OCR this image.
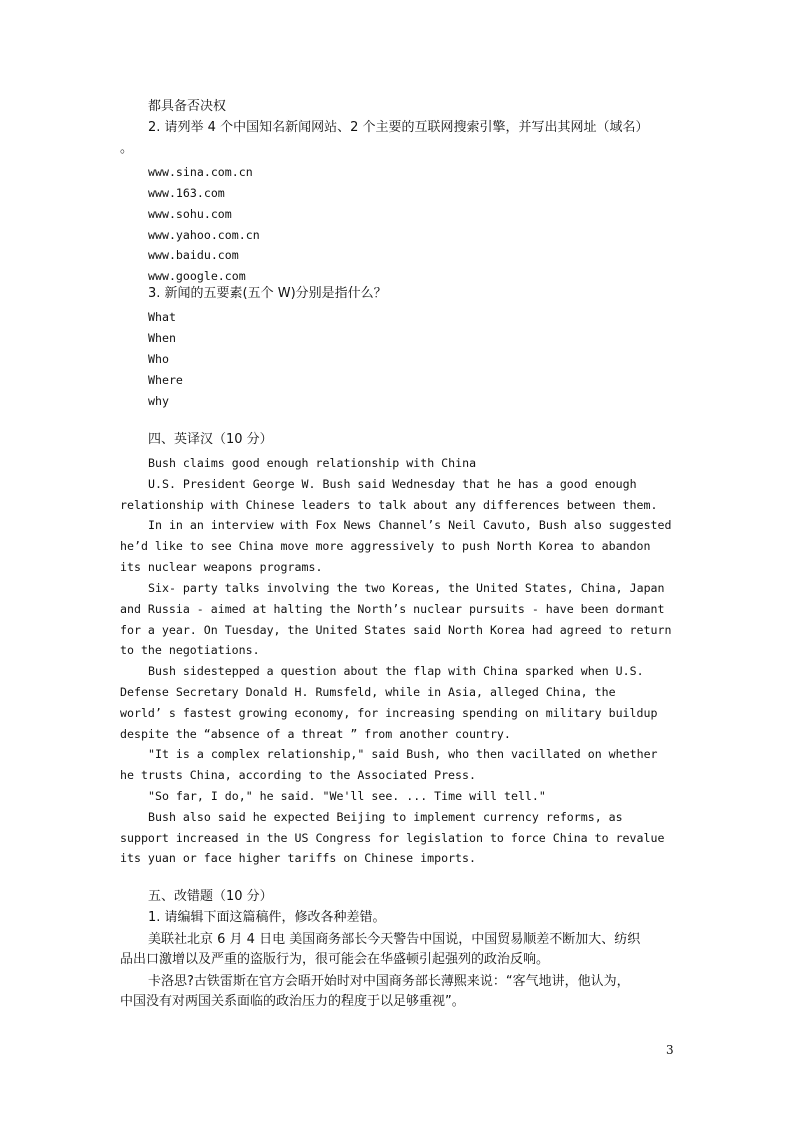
都具备否决权
2. 请列举 4 个中国知名新闻网站、2 个主要的互联网搜索引擎，并写出其网址（域名）
。
www.sina.com.cn
www.163.com
www.sohu.com
www.yahoo.com.cn
www.baidu.com
www.google.com
3. 新闻的五要素(五个 W)分别是指什么？
What
When
Who
Where
why
四、英译汉（10 分）
Bush claims good enough relationship with China
U.S. President George W. Bush said Wednesday that he has a good enough
relationship with Chinese leaders to talk about any differences between them.
In in an interview with Fox News Channel’s Neil Cavuto, Bush also suggested
he’d like to see China move more aggressively to push North Korea to abandon
its nuclear weapons programs.
Six- party talks involving the two Koreas, the United States, China, Japan
and Russia - aimed at halting the North’s nuclear pursuits - have been dormant
for a year. On Tuesday, the United States said North Korea had agreed to return
to the negotiations.
Bush sidestepped a question about the flap with China sparked when U.S.
Defense Secretary Donald H. Rumsfeld, while in Asia, alleged China, the
world’ s fastest growing economy, for increasing spending on military buildup
despite the “absence of a threat ” from another country.
"It is a complex relationship," said Bush, who then vacillated on whether
he trusts China, according to the Associated Press.
"So far, I do," he said. "We'll see. ... Time will tell."
Bush also said he expected Beijing to implement currency reforms, as
support increased in the US Congress for legislation to force China to revalue
its yuan or face higher tariffs on Chinese imports.
五、改错题（10 分）
1. 请编辑下面这篇稿件，修改各种差错。
美联社北京 6 月 4 日电 美国商务部长今天警告中国说，中国贸易顺差不断加大、纺织
品出口激增以及严重的盗版行为，很可能会在华盛顿引起强列的政治反响。
卡洛思?古铁雷斯在官方会晤开始时对中国商务部长薄熙来说：“客气地讲，他认为，
中国没有对两国关系面临的政治压力的程度于以足够重视”。
3
